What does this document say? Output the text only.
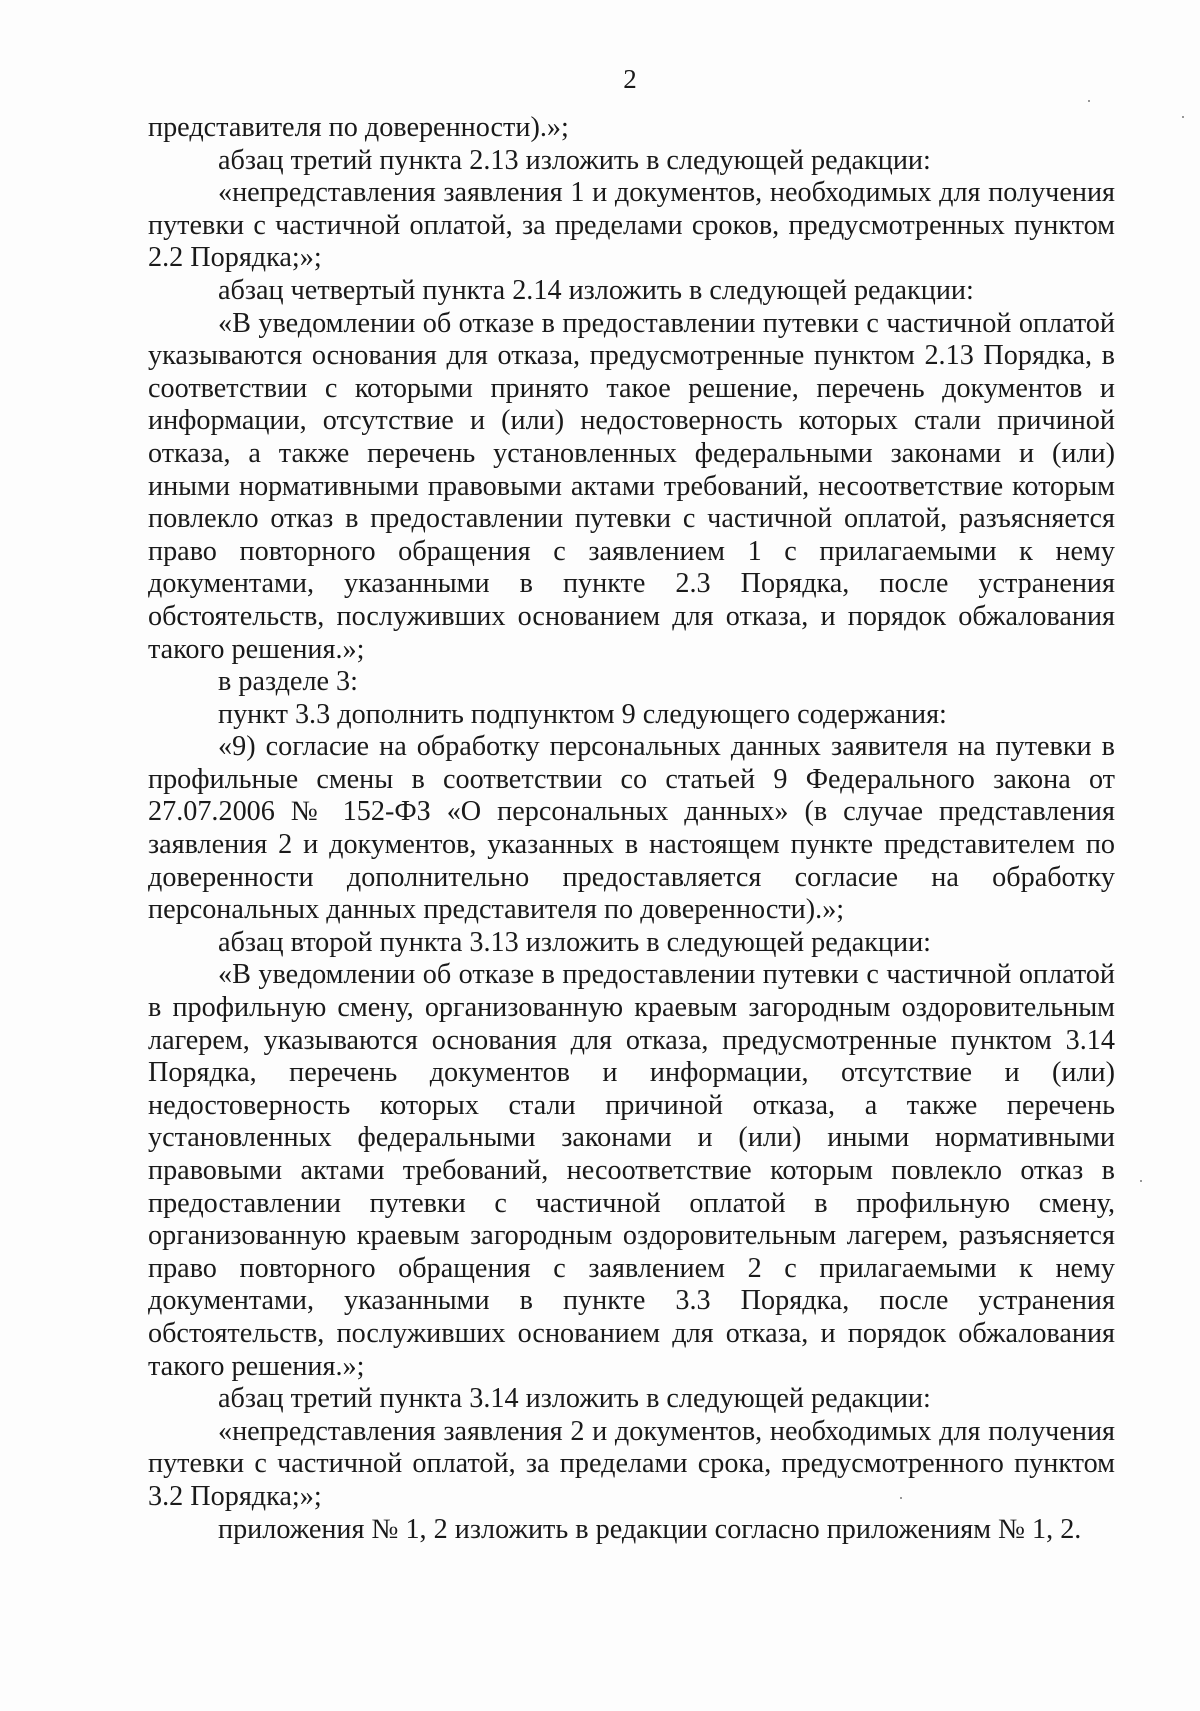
2

представителя по доверенности).»;

абзац третий пункта 2.13 изложить в следующей редакции:

«непредставления заявления 1 и документов, необходимых для получения путевки с частичной оплатой, за пределами сроков, предусмотренных пунктом 2.2 Порядка;»;

абзац четвертый пункта 2.14 изложить в следующей редакции:

«В уведомлении об отказе в предоставлении путевки с частичной оплатой указываются основания для отказа, предусмотренные пунктом 2.13 Порядка, в соответствии с которыми принято такое решение, перечень документов и информации, отсутствие и (или) недостоверность которых стали причиной отказа, а также перечень установленных федеральными законами и (или) иными нормативными правовыми актами требований, несоответствие которым повлекло отказ в предоставлении путевки с частичной оплатой, разъясняется право повторного обращения с заявлением 1 с прилагаемыми к нему документами, указанными в пункте 2.3 Порядка, после устранения обстоятельств, послуживших основанием для отказа, и порядок обжалования такого решения.»;

в разделе 3:

пункт 3.3 дополнить подпунктом 9 следующего содержания:

«9) согласие на обработку персональных данных заявителя на путевки в профильные смены в соответствии со статьей 9 Федерального закона от 27.07.2006 № 152-ФЗ «О персональных данных» (в случае представления заявления 2 и документов, указанных в настоящем пункте представителем по доверенности дополнительно предоставляется согласие на обработку персональных данных представителя по доверенности).»;

абзац второй пункта 3.13 изложить в следующей редакции:

«В уведомлении об отказе в предоставлении путевки с частичной оплатой в профильную смену, организованную краевым загородным оздоровительным лагерем, указываются основания для отказа, предусмотренные пунктом 3.14 Порядка, перечень документов и информации, отсутствие и (или) недостоверность которых стали причиной отказа, а также перечень установленных федеральными законами и (или) иными нормативными правовыми актами требований, несоответствие которым повлекло отказ в предоставлении путевки с частичной оплатой в профильную смену, организованную краевым загородным оздоровительным лагерем, разъясняется право повторного обращения с заявлением 2 с прилагаемыми к нему документами, указанными в пункте 3.3 Порядка, после устранения обстоятельств, послуживших основанием для отказа, и порядок обжалования такого решения.»;

абзац третий пункта 3.14 изложить в следующей редакции:

«непредставления заявления 2 и документов, необходимых для получения путевки с частичной оплатой, за пределами срока, предусмотренного пунктом 3.2 Порядка;»;

приложения № 1, 2 изложить в редакции согласно приложениям № 1, 2.
